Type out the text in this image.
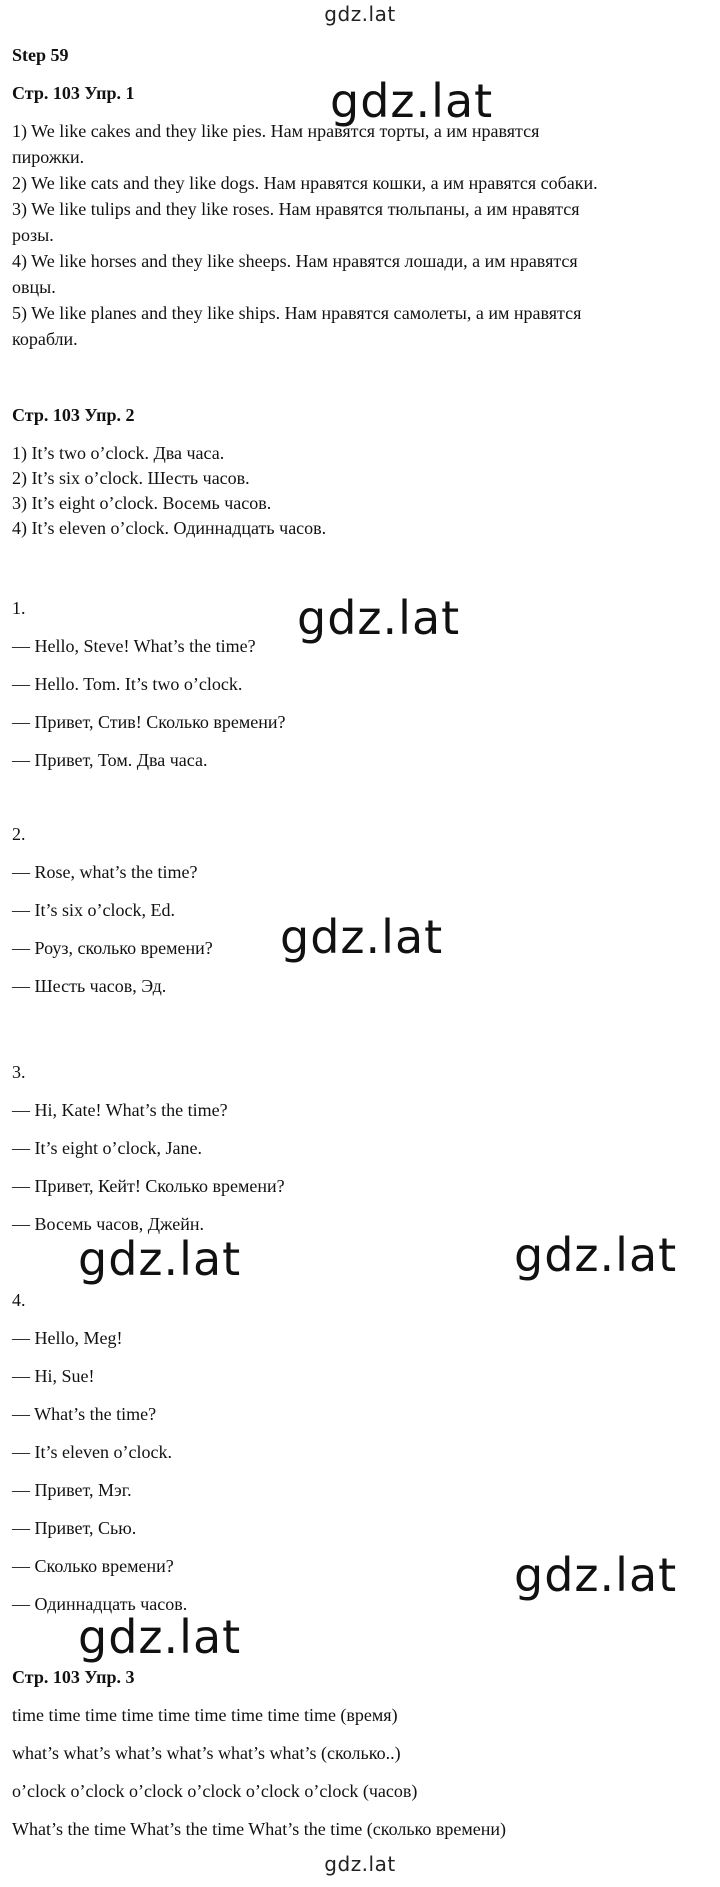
gdz.lat
Step 59
Стр. 103 Упр. 1
1) We like cakes and they like pies. Нам нравятся торты, а им нравятся
пирожки.
2) We like cats and they like dogs. Нам нравятся кошки, а им нравятся собаки.
3) We like tulips and they like roses. Нам нравятся тюльпаны, а им нравятся
розы.
4) We like horses and they like sheeps. Нам нравятся лошади, а им нравятся
овцы.
5) We like planes and they like ships. Нам нравятся самолеты, а им нравятся
корабли.
Стр. 103 Упр. 2
1) It’s two o’clock. Два часа.
2) It’s six o’clock. Шесть часов.
3) It’s eight o’clock. Восемь часов.
4) It’s eleven o’clock. Одиннадцать часов.
1.
— Hello, Steve! What’s the time?
— Hello. Tom. It’s two o’clock.
— Привет, Стив! Сколько времени?
— Привет, Том. Два часа.
2.
— Rose, what’s the time?
— It’s six o’clock, Ed.
— Роуз, сколько времени?
— Шесть часов, Эд.
3.
— Hi, Kate! What’s the time?
— It’s eight o’clock, Jane.
— Привет, Кейт! Сколько времени?
— Восемь часов, Джейн.
4.
— Hello, Meg!
— Hi, Sue!
— What’s the time?
— It’s eleven o’clock.
— Привет, Мэг.
— Привет, Сью.
— Сколько времени?
— Одиннадцать часов.
Стр. 103 Упр. 3
time time time time time time time time time (время)
what’s what’s what’s what’s what’s what’s (сколько..)
o’clock o’clock o’clock o’clock o’clock o’clock (часов)
What’s the time What’s the time What’s the time (сколько времени)
gdz.lat
gdz.lat
gdz.lat
gdz.lat	gdz.lat
gdz.lat
gdz.lat
gdz.lat
